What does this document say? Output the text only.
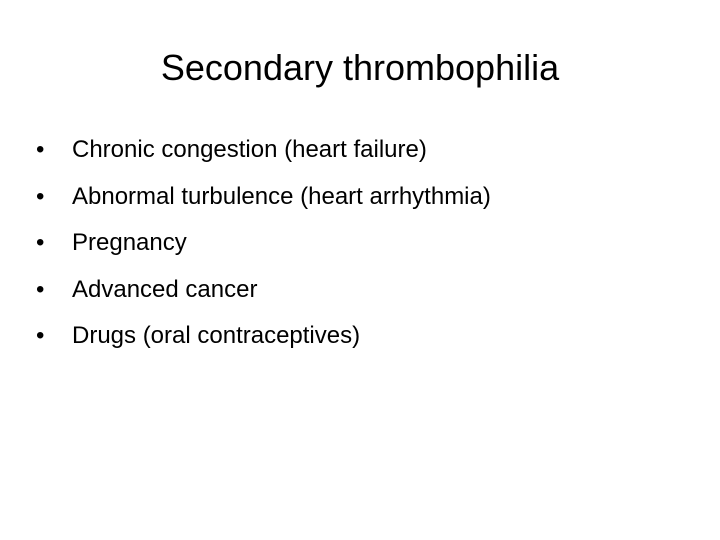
Secondary thrombophilia
•	Chronic congestion (heart failure)
•	Abnormal turbulence (heart arrhythmia)
•	Pregnancy
•	Advanced cancer
•	Drugs (oral contraceptives)
